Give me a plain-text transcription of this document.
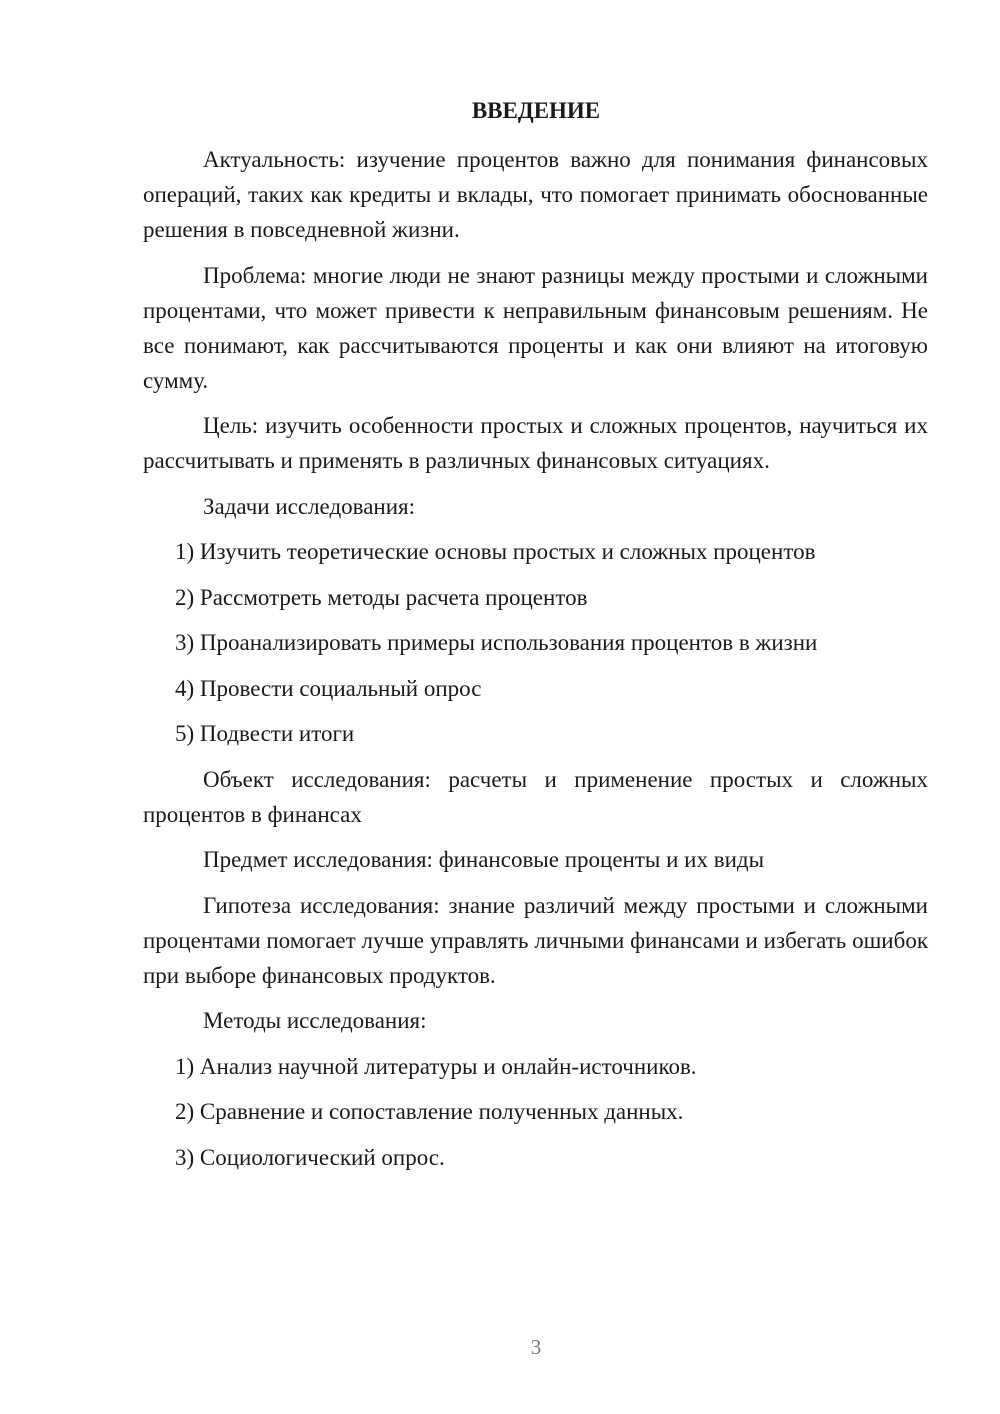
ВВЕДЕНИЕ

Актуальность: изучение процентов важно для понимания финансовых операций, таких как кредиты и вклады, что помогает принимать обоснованные решения в повседневной жизни.

Проблема: многие люди не знают разницы между простыми и сложными процентами, что может привести к неправильным финансовым решениям. Не все понимают, как рассчитываются проценты и как они влияют на итоговую сумму.

Цель: изучить особенности простых и сложных процентов, научиться их рассчитывать и применять в различных финансовых ситуациях.

Задачи исследования:

1) Изучить теоретические основы простых и сложных процентов

2) Рассмотреть методы расчета процентов

3) Проанализировать примеры использования процентов в жизни

4) Провести социальный опрос

5) Подвести итоги

Объект исследования: расчеты и применение простых и сложных процентов в финансах

Предмет исследования: финансовые проценты и их виды

Гипотеза исследования: знание различий между простыми и сложными процентами помогает лучше управлять личными финансами и избегать ошибок при выборе финансовых продуктов.

Методы исследования:

1) Анализ научной литературы и онлайн-источников.

2) Сравнение и сопоставление полученных данных.

3) Социологический опрос.

3
